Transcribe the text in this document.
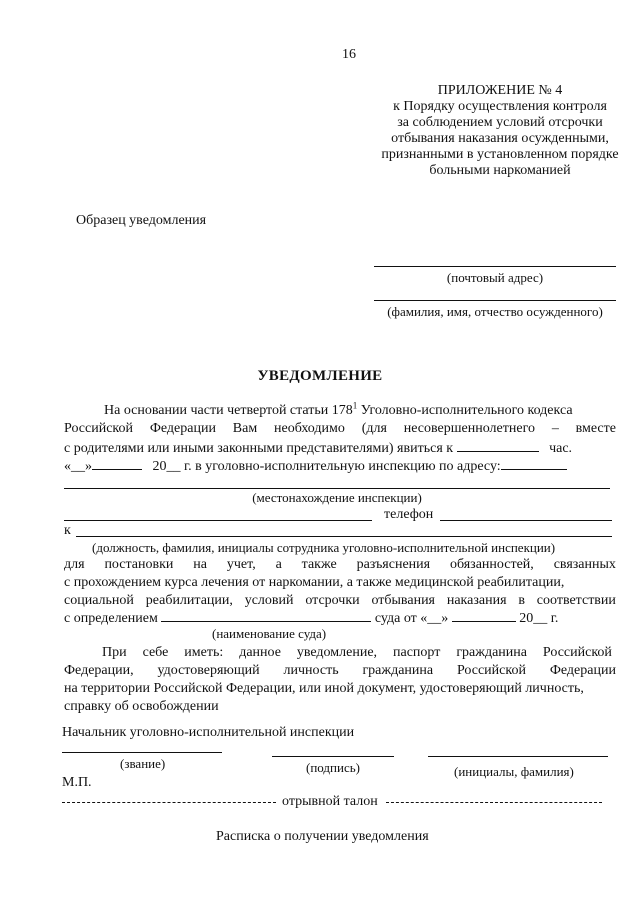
16
ПРИЛОЖЕНИЕ № 4
к Порядку осуществления контроля
за соблюдением условий отсрочки
отбывания наказания осужденными,
признанными в установленном порядке
больными наркоманией
Образец уведомления
(почтовый адрес)
(фамилия, имя, отчество осужденного)
УВЕДОМЛЕНИЕ
На основании части четвертой статьи $178^1$ Уголовно-исполнительного кодекса
Российской Федерации Вам необходимо (для несовершеннолетнего – вместе
с родителями или иными законными представителями) явиться к	час.
«__»	20__ г. в уголовно-исполнительную инспекцию по адресу:
(местонахождение инспекции)
телефон
к
(должность, фамилия, инициалы сотрудника уголовно-исполнительной инспекции)
для постановки на учет, а также разъяснения обязанностей, связанных
с прохождением курса лечения от наркомании, а также медицинской реабилитации,
социальной реабилитации, условий отсрочки отбывания наказания в соответствии
с определением	суда от «__»	20__ г.
(наименование суда)
При себе иметь: данное уведомление, паспорт гражданина Российской
Федерации, удостоверяющий личность гражданина Российской Федерации
на территории Российской Федерации, или иной документ, удостоверяющий личность,
справку об освобождении
Начальник уголовно-исполнительной инспекции
(звание)	(подпись)	(инициалы, фамилия)
М.П.
отрывной талон
Расписка о получении уведомления
